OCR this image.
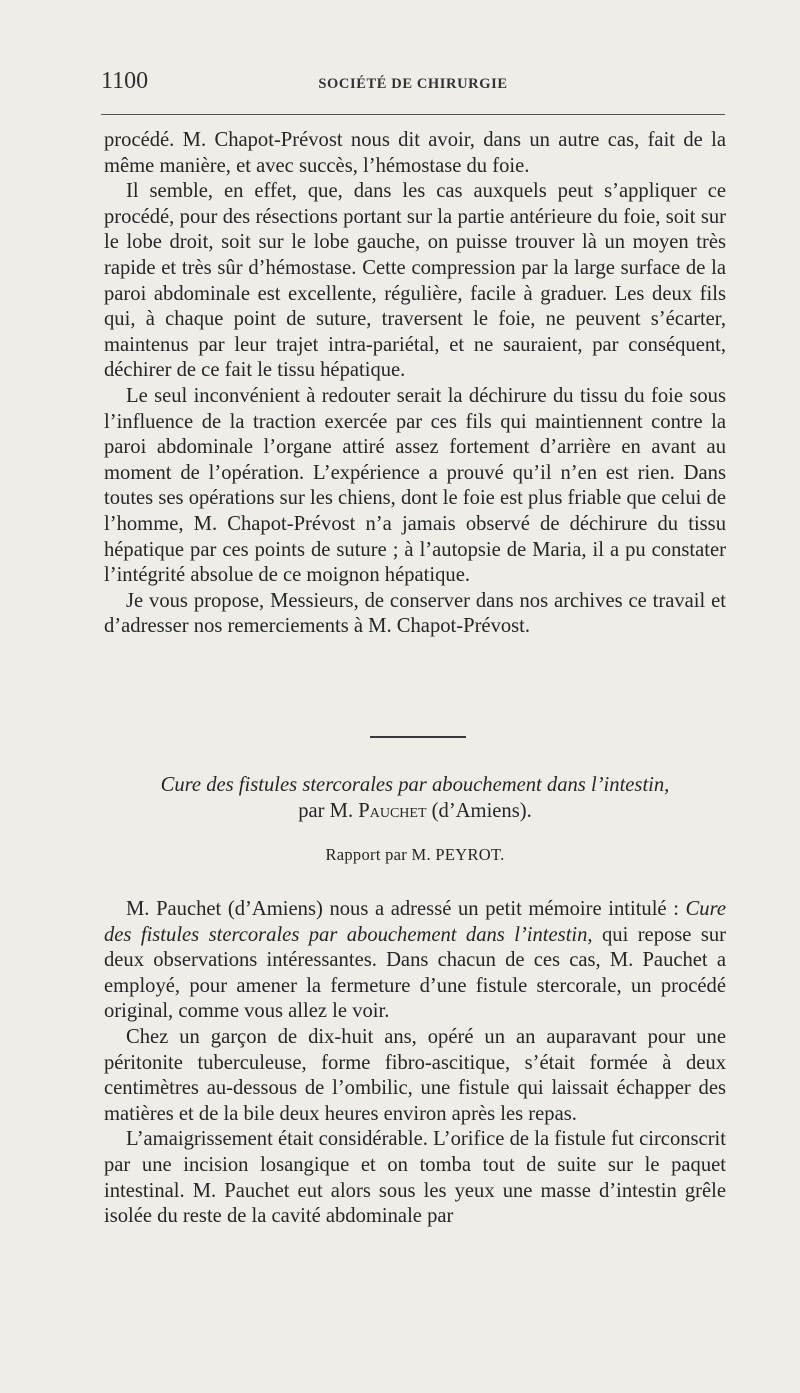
1100	SOCIÉTÉ DE CHIRURGIE

procédé. M. Chapot-Prévost nous dit avoir, dans un autre cas, fait de la même manière, et avec succès, l’hémostase du foie.

Il semble, en effet, que, dans les cas auxquels peut s’appliquer ce procédé, pour des résections portant sur la partie antérieure du foie, soit sur le lobe droit, soit sur le lobe gauche, on puisse trouver là un moyen très rapide et très sûr d’hémostase. Cette compression par la large surface de la paroi abdominale est excellente, régulière, facile à graduer. Les deux fils qui, à chaque point de suture, traversent le foie, ne peuvent s’écarter, maintenus par leur trajet intra-pariétal, et ne sauraient, par conséquent, déchirer de ce fait le tissu hépatique.

Le seul inconvénient à redouter serait la déchirure du tissu du foie sous l’influence de la traction exercée par ces fils qui maintiennent contre la paroi abdominale l’organe attiré assez fortement d’arrière en avant au moment de l’opération. L’expérience a prouvé qu’il n’en est rien. Dans toutes ses opérations sur les chiens, dont le foie est plus friable que celui de l’homme, M. Chapot-Prévost n’a jamais observé de déchirure du tissu hépatique par ces points de suture ; à l’autopsie de Maria, il a pu constater l’intégrité absolue de ce moignon hépatique.

Je vous propose, Messieurs, de conserver dans nos archives ce travail et d’adresser nos remerciements à M. Chapot-Prévost.

Cure des fistules stercorales par abouchement dans l’intestin,
par M. Pauchet (d’Amiens).
Rapport par M. PEYROT.

M. Pauchet (d’Amiens) nous a adressé un petit mémoire intitulé : Cure des fistules stercorales par abouchement dans l’intestin, qui repose sur deux observations intéressantes. Dans chacun de ces cas, M. Pauchet a employé, pour amener la fermeture d’une fistule stercorale, un procédé original, comme vous allez le voir.

Chez un garçon de dix-huit ans, opéré un an auparavant pour une péritonite tuberculeuse, forme fibro-ascitique, s’était formée à deux centimètres au-dessous de l’ombilic, une fistule qui laissait échapper des matières et de la bile deux heures environ après les repas.

L’amaigrissement était considérable. L’orifice de la fistule fut circonscrit par une incision losangique et on tomba tout de suite sur le paquet intestinal. M. Pauchet eut alors sous les yeux une masse d’intestin grêle isolée du reste de la cavité abdominale par
